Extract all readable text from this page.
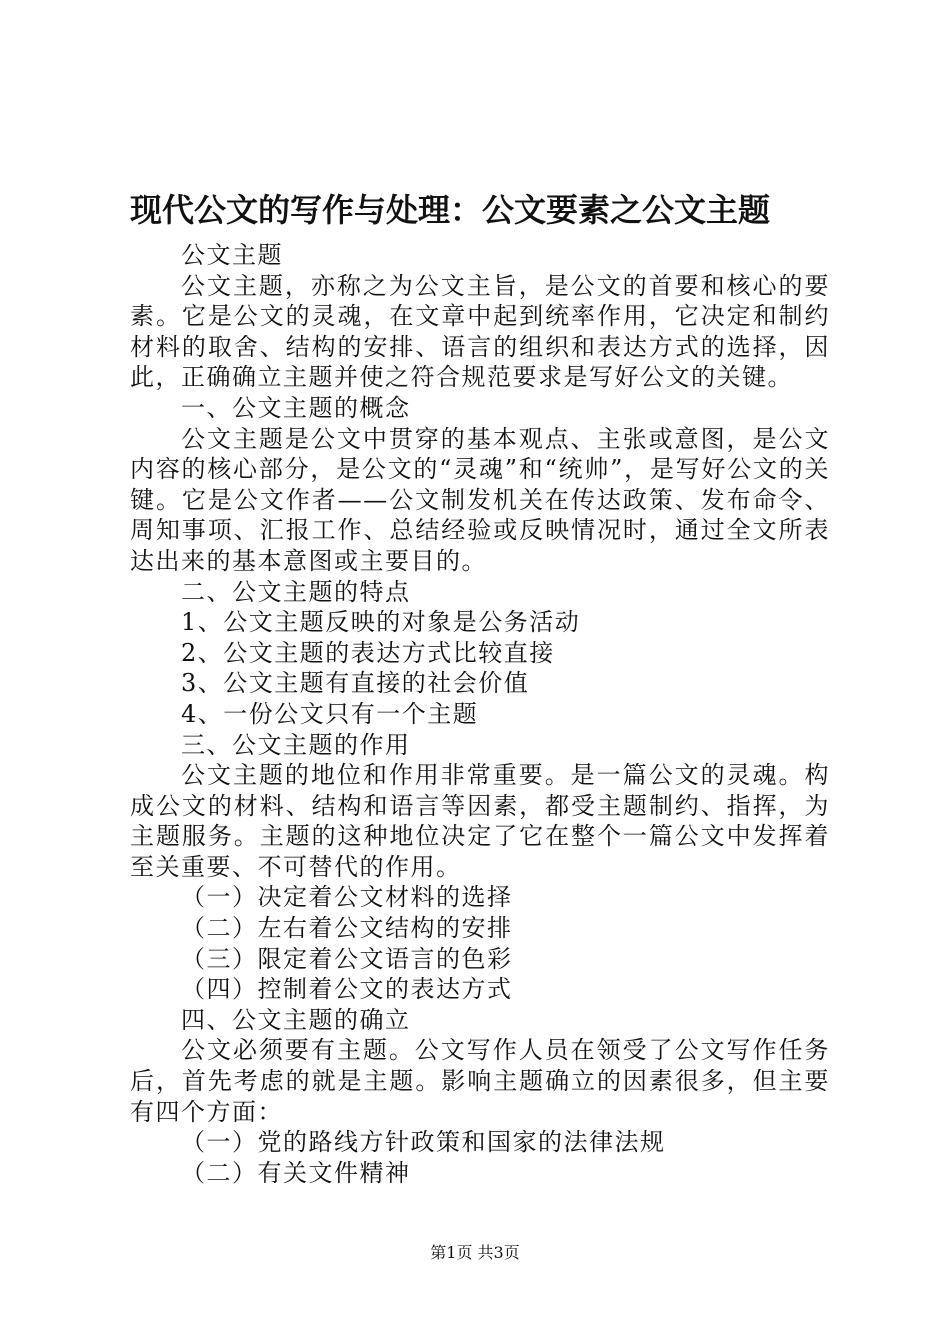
现代公文的写作与处理：公文要素之公文主题

公文主题

公文主题，亦称之为公文主旨，是公文的首要和核心的要素。它是公文的灵魂，在文章中起到统率作用，它决定和制约材料的取舍、结构的安排、语言的组织和表达方式的选择，因此，正确确立主题并使之符合规范要求是写好公文的关键。

一、公文主题的概念

公文主题是公文中贯穿的基本观点、主张或意图，是公文内容的核心部分，是公文的“灵魂”和“统帅”，是写好公文的关键。它是公文作者——公文制发机关在传达政策、发布命令、周知事项、汇报工作、总结经验或反映情况时，通过全文所表达出来的基本意图或主要目的。

二、公文主题的特点

1、公文主题反映的对象是公务活动

2、公文主题的表达方式比较直接

3、公文主题有直接的社会价值

4、一份公文只有一个主题

三、公文主题的作用

公文主题的地位和作用非常重要。是一篇公文的灵魂。构成公文的材料、结构和语言等因素，都受主题制约、指挥，为主题服务。主题的这种地位决定了它在整个一篇公文中发挥着至关重要、不可替代的作用。

（一）决定着公文材料的选择

（二）左右着公文结构的安排

（三）限定着公文语言的色彩

（四）控制着公文的表达方式

四、公文主题的确立

公文必须要有主题。公文写作人员在领受了公文写作任务后，首先考虑的就是主题。影响主题确立的因素很多，但主要有四个方面：

（一）党的路线方针政策和国家的法律法规

（二）有关文件精神

第1页 共3页
